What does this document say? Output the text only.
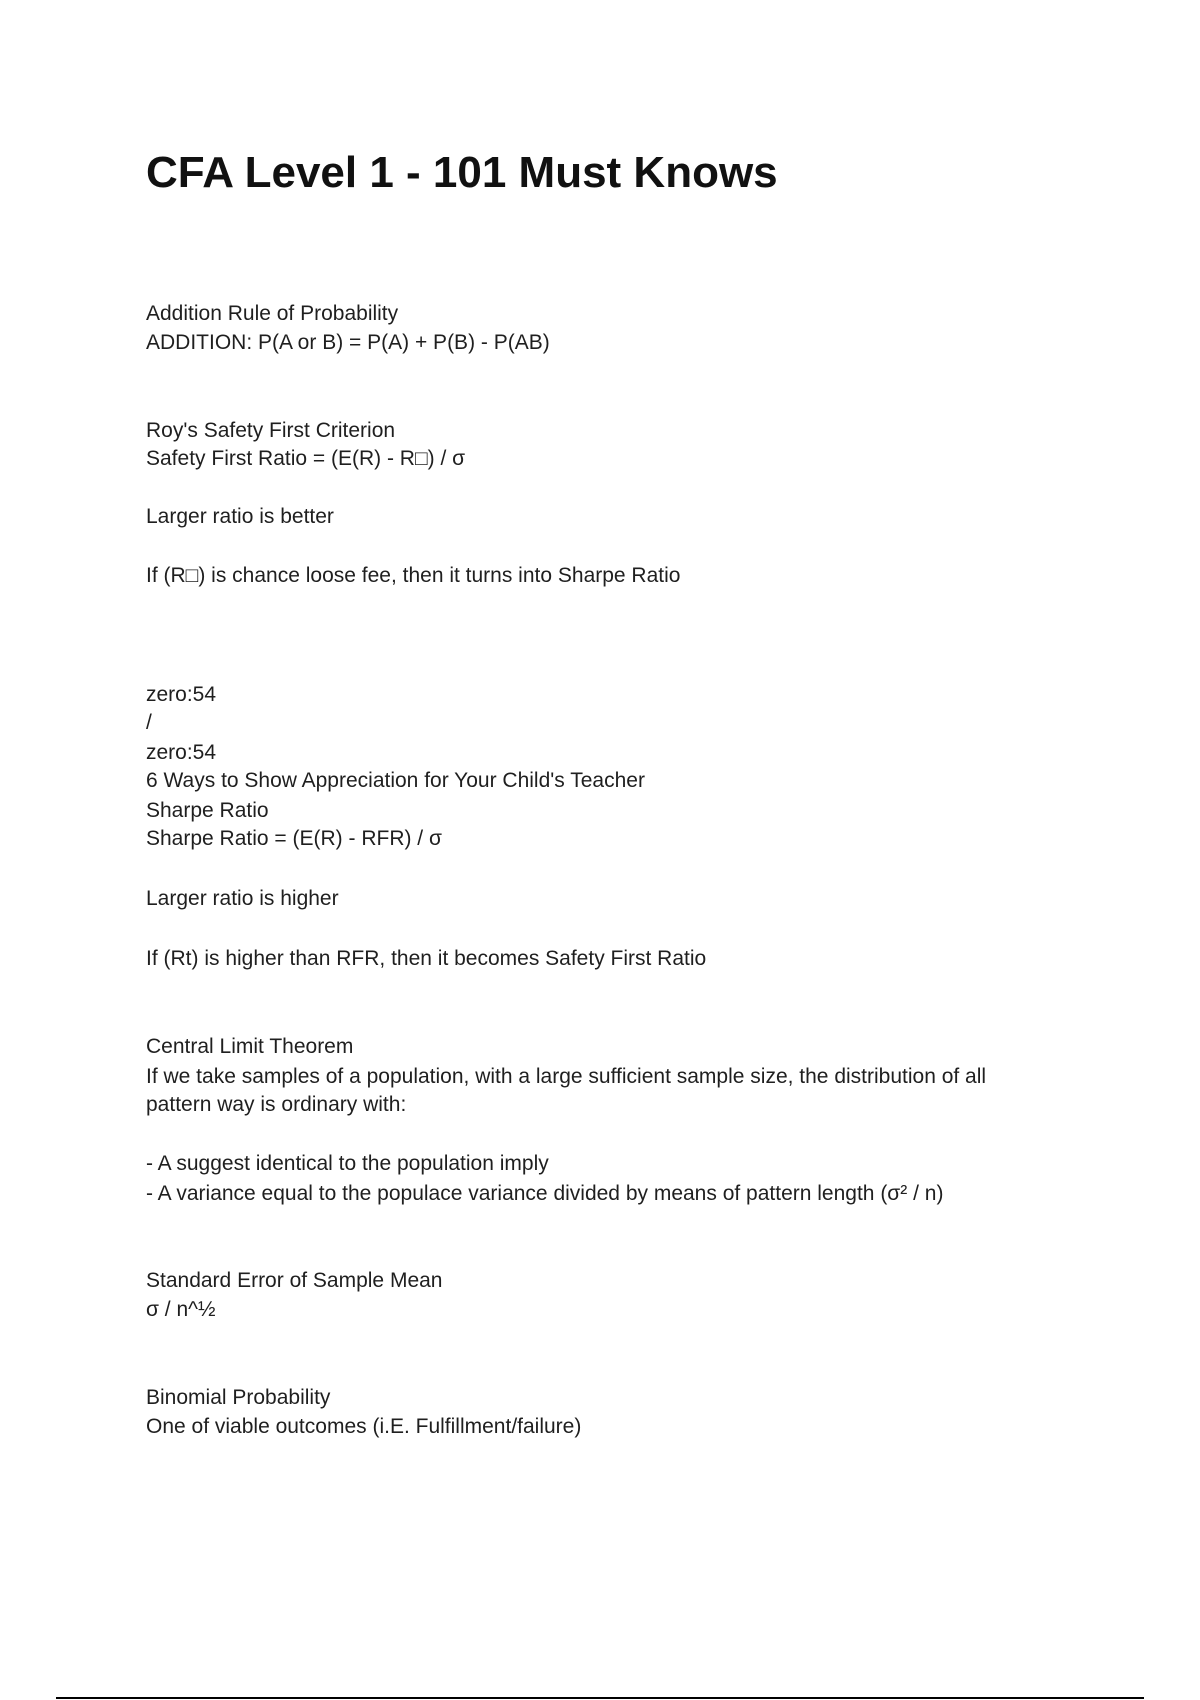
CFA Level 1 - 101 Must Knows
Addition Rule of Probability
ADDITION: P(A or B) = P(A) + P(B) - P(AB)
Roy's Safety First Criterion
Safety First Ratio = (E(R) - R□) / σ
Larger ratio is better
If (R□) is chance loose fee, then it turns into Sharpe Ratio
zero:54
/
zero:54
6 Ways to Show Appreciation for Your Child's Teacher
Sharpe Ratio
Sharpe Ratio = (E(R) - RFR) / σ
Larger ratio is higher
If (Rt) is higher than RFR, then it becomes Safety First Ratio
Central Limit Theorem
If we take samples of a population, with a large sufficient sample size, the distribution of all pattern way is ordinary with:
- A suggest identical to the population imply
- A variance equal to the populace variance divided by means of pattern length (σ² / n)
Standard Error of Sample Mean
σ / n^½
Binomial Probability
One of viable outcomes (i.E. Fulfillment/failure)
